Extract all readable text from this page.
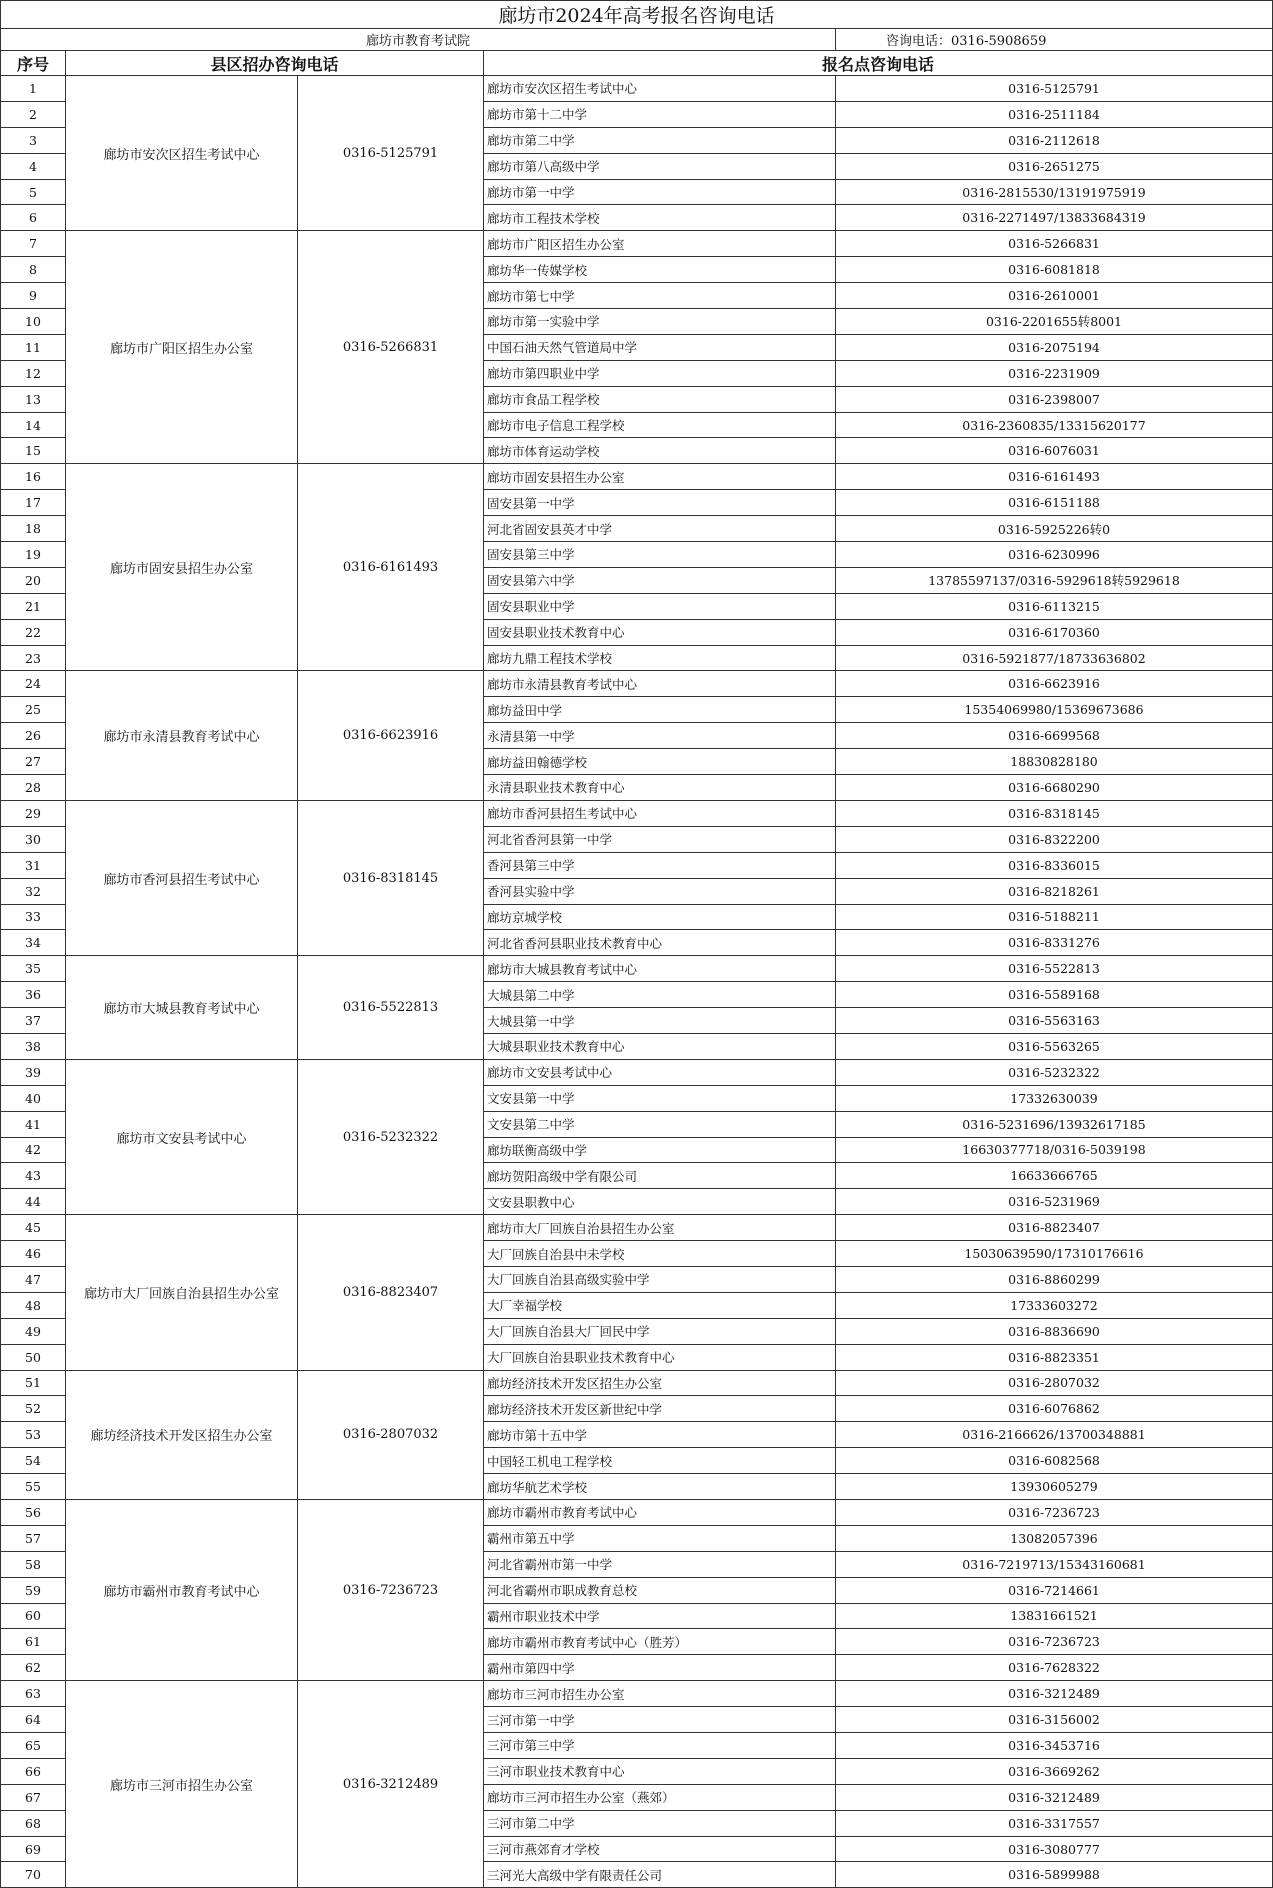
廊坊市2024年高考报名咨询电话				
廊坊市教育考试院				咨询电话：0316-5908659
序号	县区招办咨询电话		报名点咨询电话	
1	廊坊市安次区招生考试中心	0316-5125791	廊坊市安次区招生考试中心	0316-5125791
2			廊坊市第十二中学	0316-2511184
3			廊坊市第二中学	0316-2112618
4			廊坊市第八高级中学	0316-2651275
5			廊坊市第一中学	0316-2815530/13191975919
6			廊坊市工程技术学校	0316-2271497/13833684319
7	廊坊市广阳区招生办公室	0316-5266831	廊坊市广阳区招生办公室	0316-5266831
8			廊坊华一传媒学校	0316-6081818
9			廊坊市第七中学	0316-2610001
10			廊坊市第一实验中学	0316-2201655转8001
11			中国石油天然气管道局中学	0316-2075194
12			廊坊市第四职业中学	0316-2231909
13			廊坊市食品工程学校	0316-2398007
14			廊坊市电子信息工程学校	0316-2360835/13315620177
15			廊坊市体育运动学校	0316-6076031
16	廊坊市固安县招生办公室	0316-6161493	廊坊市固安县招生办公室	0316-6161493
17			固安县第一中学	0316-6151188
18			河北省固安县英才中学	0316-5925226转0
19			固安县第三中学	0316-6230996
20			固安县第六中学	13785597137/0316-5929618转5929618
21			固安县职业中学	0316-6113215
22			固安县职业技术教育中心	0316-6170360
23			廊坊九鼎工程技术学校	0316-5921877/18733636802
24	廊坊市永清县教育考试中心	0316-6623916	廊坊市永清县教育考试中心	0316-6623916
25			廊坊益田中学	15354069980/15369673686
26			永清县第一中学	0316-6699568
27			廊坊益田翰德学校	18830828180
28			永清县职业技术教育中心	0316-6680290
29	廊坊市香河县招生考试中心	0316-8318145	廊坊市香河县招生考试中心	0316-8318145
30			河北省香河县第一中学	0316-8322200
31			香河县第三中学	0316-8336015
32			香河县实验中学	0316-8218261
33			廊坊京城学校	0316-5188211
34			河北省香河县职业技术教育中心	0316-8331276
35	廊坊市大城县教育考试中心	0316-5522813	廊坊市大城县教育考试中心	0316-5522813
36			大城县第二中学	0316-5589168
37			大城县第一中学	0316-5563163
38			大城县职业技术教育中心	0316-5563265
39	廊坊市文安县考试中心	0316-5232322	廊坊市文安县考试中心	0316-5232322
40			文安县第一中学	17332630039
41			文安县第二中学	0316-5231696/13932617185
42			廊坊联衡高级中学	16630377718/0316-5039198
43			廊坊贺阳高级中学有限公司	16633666765
44			文安县职教中心	0316-5231969
45	廊坊市大厂回族自治县招生办公室	0316-8823407	廊坊市大厂回族自治县招生办公室	0316-8823407
46			大厂回族自治县中未学校	15030639590/17310176616
47			大厂回族自治县高级实验中学	0316-8860299
48			大厂幸福学校	17333603272
49			大厂回族自治县大厂回民中学	0316-8836690
50			大厂回族自治县职业技术教育中心	0316-8823351
51	廊坊经济技术开发区招生办公室	0316-2807032	廊坊经济技术开发区招生办公室	0316-2807032
52			廊坊经济技术开发区新世纪中学	0316-6076862
53			廊坊市第十五中学	0316-2166626/13700348881
54			中国轻工机电工程学校	0316-6082568
55			廊坊华航艺术学校	13930605279
56	廊坊市霸州市教育考试中心	0316-7236723	廊坊市霸州市教育考试中心	0316-7236723
57			霸州市第五中学	13082057396
58			河北省霸州市第一中学	0316-7219713/15343160681
59			河北省霸州市职成教育总校	0316-7214661
60			霸州市职业技术中学	13831661521
61			廊坊市霸州市教育考试中心（胜芳）	0316-7236723
62			霸州市第四中学	0316-7628322
63	廊坊市三河市招生办公室	0316-3212489	廊坊市三河市招生办公室	0316-3212489
64			三河市第一中学	0316-3156002
65			三河市第三中学	0316-3453716
66			三河市职业技术教育中心	0316-3669262
67			廊坊市三河市招生办公室（燕郊）	0316-3212489
68			三河市第二中学	0316-3317557
69			三河市燕郊育才学校	0316-3080777
70			三河光大高级中学有限责任公司	0316-5899988
